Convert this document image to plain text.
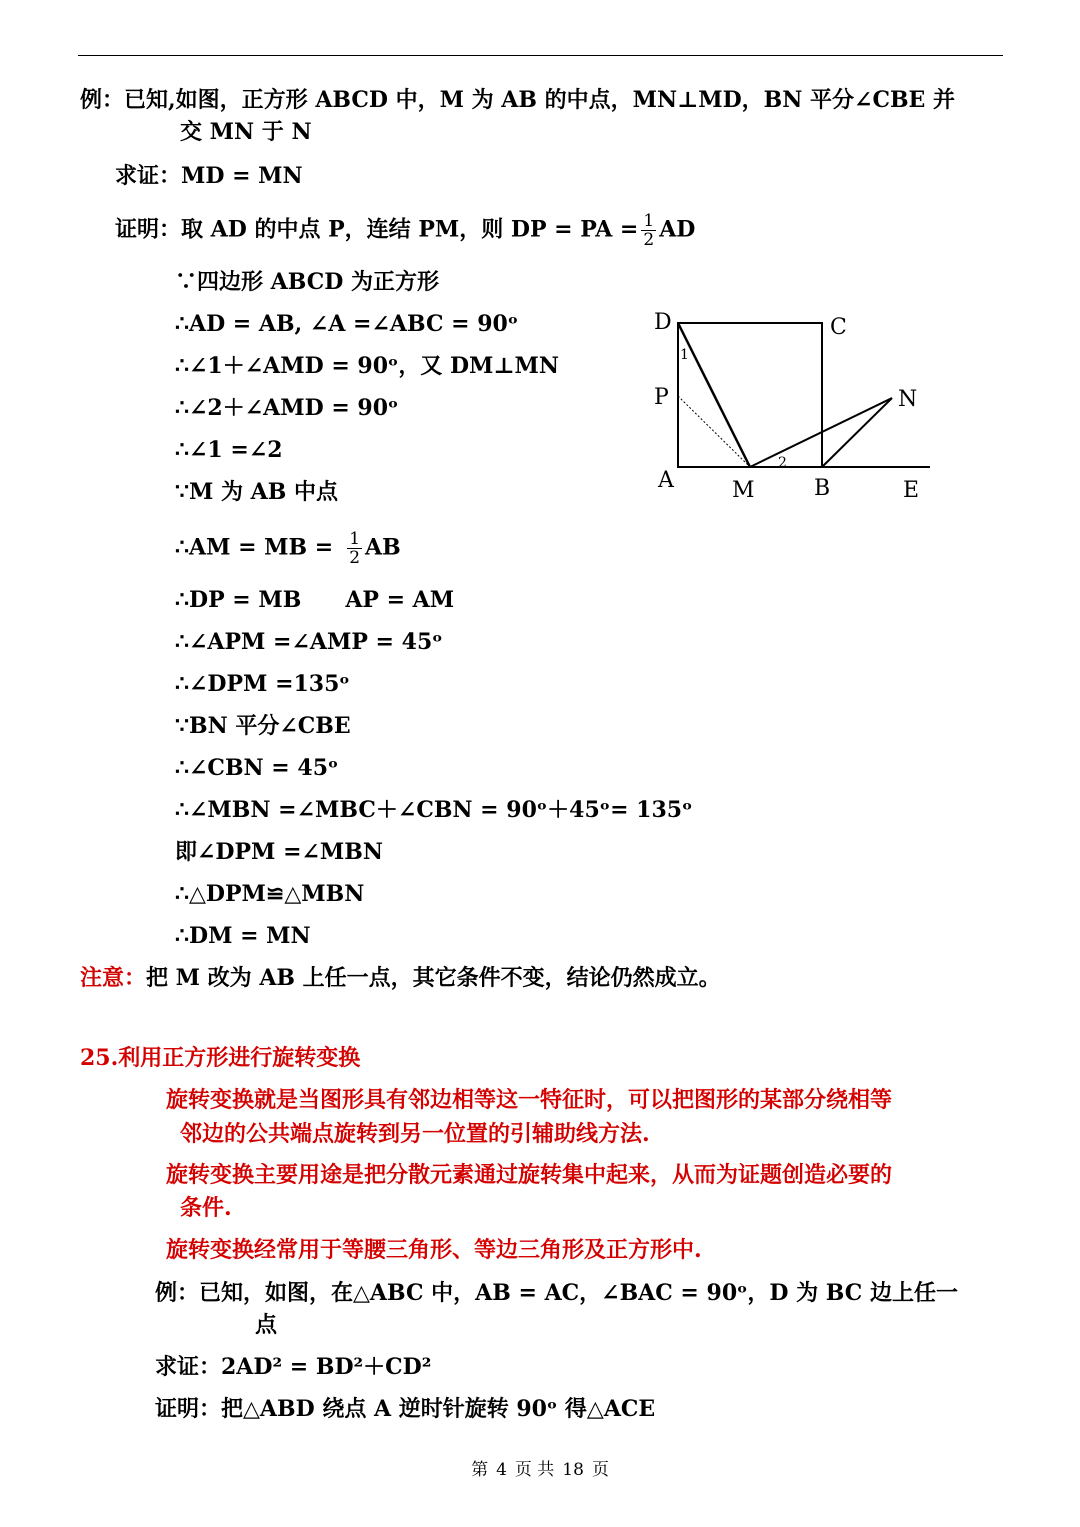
例：已知,如图，正方形 ABCD 中，M 为 AB 的中点，MN⊥MD，BN 平分∠CBE 并
交 MN 于 N
求证：MD = MN
证明：取 AD 的中点 P，连结 PM，则 DP = PA = $\frac{1}{2}$ AD
∵四边形 ABCD 为正方形
∴AD = AB, ∠A =∠ABC = 90ᵒ
∴∠1＋∠AMD = 90ᵒ，又 DM⊥MN
∴∠2＋∠AMD = 90ᵒ
∴∠1 =∠2
∵M 为 AB 中点
∴AM = MB = $\frac{1}{2}$ AB
∴DP = MB　　AP = AM
∴∠APM =∠AMP = 45ᵒ
∴∠DPM =135ᵒ
∵BN 平分∠CBE
∴∠CBN = 45ᵒ
∴∠MBN =∠MBC＋∠CBN = 90ᵒ＋45ᵒ= 135ᵒ
即∠DPM =∠MBN
∴△DPM≌△MBN
∴DM = MN
注意：把 M 改为 AB 上任一点，其它条件不变，结论仍然成立。
25.利用正方形进行旋转变换
旋转变换就是当图形具有邻边相等这一特征时，可以把图形的某部分绕相等
邻边的公共端点旋转到另一位置的引辅助线方法.
旋转变换主要用途是把分散元素通过旋转集中起来，从而为证题创造必要的
条件.
旋转变换经常用于等腰三角形、等边三角形及正方形中.
例：已知，如图，在△ABC 中，AB = AC，∠BAC = 90ᵒ，D 为 BC 边上任一
点
求证：2AD² = BD²＋CD²
证明：把△ABD 绕点 A 逆时针旋转 90ᵒ 得△ACE
D	C
P	N
A	M	B	E
1
2
第 4 页 共 18 页
